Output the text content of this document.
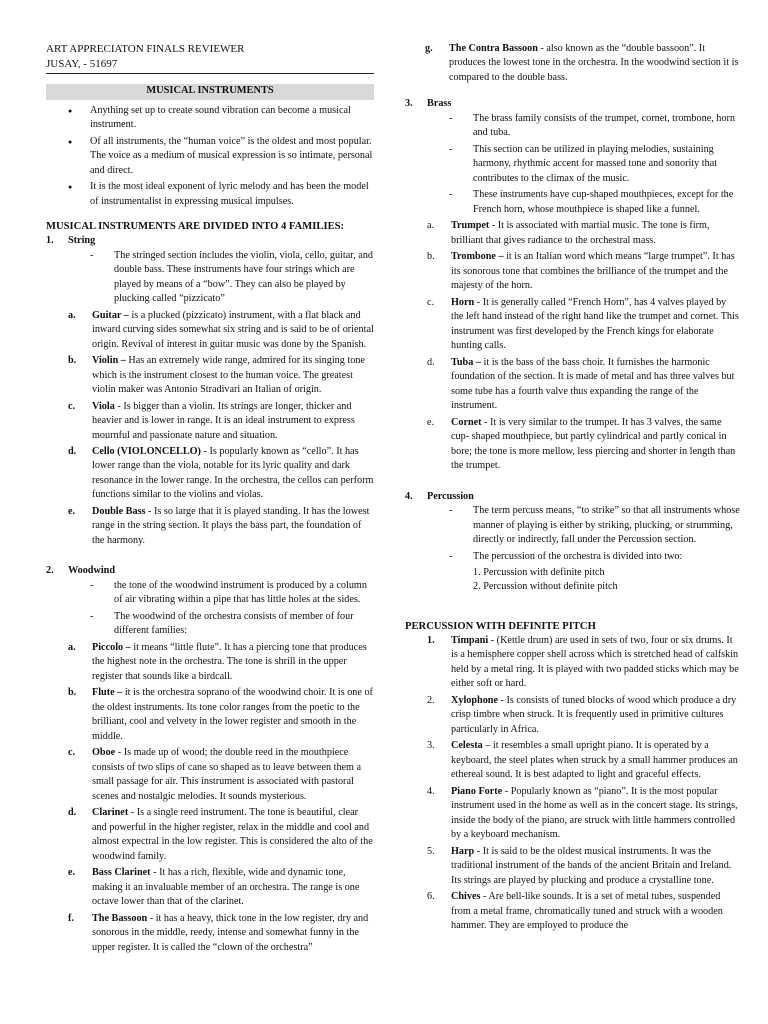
ART APPRECIATON FINALS REVIEWER

JUSAY, - 51697

MUSICAL INSTRUMENTS
● Anything set up to create sound vibration can become a musical instrument.
● Of all instruments, the “human voice” is the oldest and most popular. The voice as a medium of musical expression is so intimate, personal and direct.
● It is the most ideal exponent of lyric melody and has been the model of instrumentalist in expressing musical impulses.

MUSICAL INSTRUMENTS ARE DIVIDED INTO 4 FAMILIES:

1.	String
- The stringed section includes the violin, viola, cello, guitar, and double bass. These instruments have four strings which are played by means of a “bow”. They can also be played by plucking called “pizzicato”
a. Guitar – is a plucked (pizzicato) instrument, with a flat black and inward curving sides somewhat six string and is said to be of oriental origin. Revival of interest in guitar music was done by the Spanish.
b. Violin – Has an extremely wide range, admired for its singing tone which is the instrument closest to the human voice. The greatest violin maker was Antonio Stradivari an Italian of origin.
c. Viola - Is bigger than a violin. Its strings are longer, thicker and heavier and is lower in range. It is an ideal instrument to express mournful and passionate nature and situation.
d. Cello (VIOLONCELLO) - Is popularly known as “cello”. It has lower range than the viola, notable for its lyric quality and dark resonance in the lower range. In the orchestra, the cellos can perform functions similar to the violins and violas.
e. Double Bass - Is so large that it is played standing. It has the lowest range in the string section. It plays the bass part, the foundation of the harmony.
2.	Woodwind
- the tone of the woodwind instrument is produced by a column of air vibrating within a pipe that has little holes at the sides.
- The woodwind of the orchestra consists of member of four different families:
a. Piccolo – it means “little flute”. It has a piercing tone that produces the highest note in the orchestra. The tone is shrill in the upper register that sounds like a birdcall.
b. Flute – it is the orchestra soprano of the woodwind choir. It is one of the oldest instruments. Its tone color ranges from the poetic to the brilliant, cool and velvety in the lower register and smooth in the middle.
c. Oboe - Is made up of wood; the double reed in the mouthpiece consists of two slips of cane so shaped as to leave between them a small passage for air. This instrument is associated with pastoral scenes and nostalgic melodies. It sounds mysterious.
d. Clarinet - Is a single reed instrument. The tone is beautiful, clear and powerful in the higher register, relax in the middle and cool and almost expectral in the low register. This is considered the alto of the woodwind family.
e. Bass Clarinet - It has a rich, flexible, wide and dynamic tone, making it an invaluable member of an orchestra. The range is one octave lower than that of the clarinet.
f. The Bassoon - it has a heavy, thick tone in the low register, dry and sonorous in the middle, reedy, intense and somewhat funny in the upper register. It is called the “clown of the orchestra”
g. The Contra Bassoon - also known as the “double bassoon”. It produces the lowest tone in the orchestra. In the woodwind section it is compared to the double bass.
3.	Brass
- The brass family consists of the trumpet, cornet, trombone, horn and tuba.
- This section can be utilized in playing melodies, sustaining harmony, rhythmic accent for massed tone and sonority that contributes to the climax of the music.
- These instruments have cup-shaped mouthpieces, except for the French horn, whose mouthpiece is shaped like a funnel.
a. Trumpet - It is associated with martial music. The tone is firm, brilliant that gives radiance to the orchestral mass.
b. Trombone – it is an Italian word which means “large trumpet”. It has its sonorous tone that combines the brilliance of the trumpet and the majesty of the horn.
c. Horn - It is generally called “French Horn”, has 4 valves played by the left hand instead of the right hand like the trumpet and cornet. This instrument was first developed by the French kings for elaborate hunting calls.
d. Tuba – it is the bass of the bass choir. It furnishes the harmonic foundation of the section. It is made of metal and has three valves but some tube has a fourth valve thus expanding the range of the instrument.
e. Cornet - It is very similar to the trumpet. It has 3 valves, the same cup- shaped mouthpiece, but partly cylindrical and partly conical in bore; the tone is more mellow, less piercing and shorter in length than the trumpet.
4.	Percussion
- The term percuss means, “to strike” so that all instruments whose manner of playing is either by striking, plucking, or strumming, directly or indirectly, fall under the Percussion section.
- The percussion of the orchestra is divided into two:
1. Percussion with definite pitch
2. Percussion without definite pitch

PERCUSSION WITH DEFINITE PITCH

1. Timpani - (Kettle drum) are used in sets of two, four or six drums. It is a hemisphere copper shell across which is stretched head of calfskin held by a metal ring. It is played with two padded sticks which may be either soft or hard.
2. Xylophone - Is consists of tuned blocks of wood which produce a dry crisp timbre when struck. It is frequently used in primitive cultures particularly in Africa.
3. Celesta – it resembles a small upright piano. It is operated by a keyboard, the steel plates when struck by a small hammer produces an ethereal sound. It is best adapted to light and graceful effects.
4. Piano Forte - Popularly known as “piano”. It is the most popular instrument used in the home as well as in the concert stage. Its strings, inside the body of the piano, are struck with little hammers controlled by a keyboard mechanism.
5. Harp - It is said to be the oldest musical instruments. It was the traditional instrument of the bands of the ancient Britain and Ireland. Its strings are played by plucking and produce a crystalline tone.
6. Chives - Are bell-like sounds. It is a set of metal tubes, suspended from a metal frame, chromatically tuned and struck with a wooden hammer. They are employed to produce the
